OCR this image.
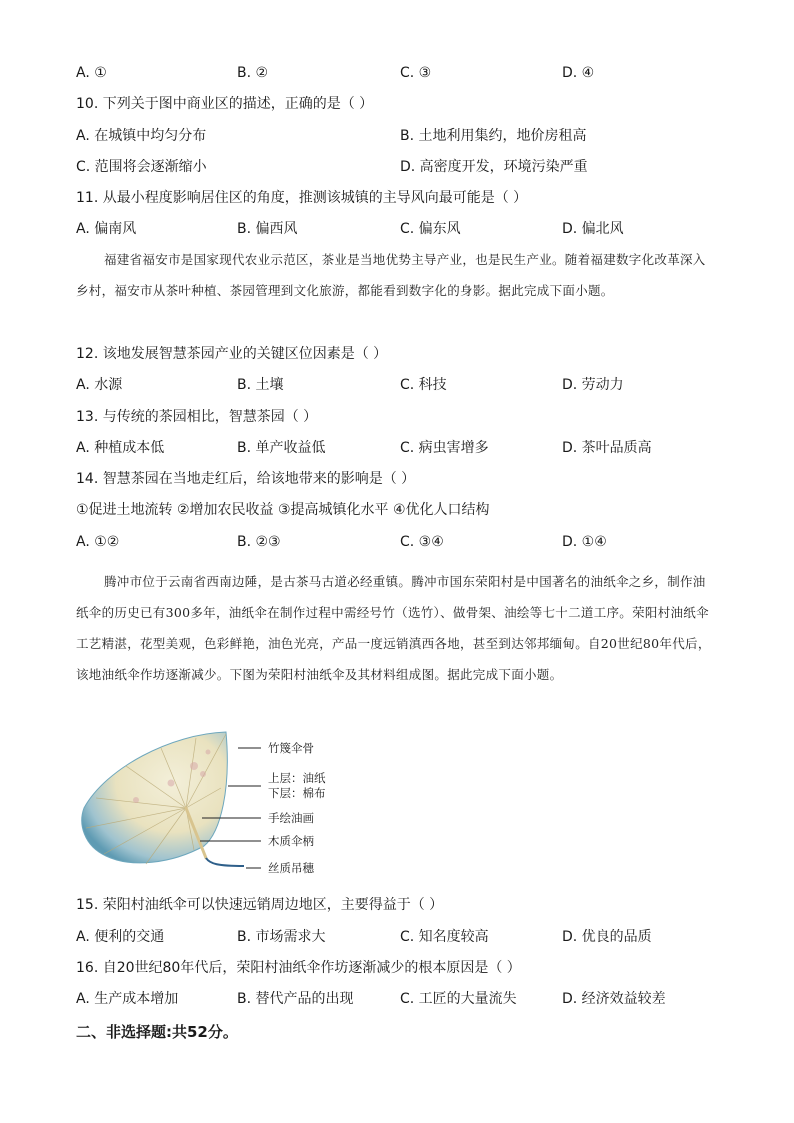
A. ①	B. ②	C. ③	D. ④
10. 下列关于图中商业区的描述，正确的是（ ）
A. 在城镇中均匀分布	B. 土地利用集约，地价房租高
C. 范围将会逐渐缩小	D. 高密度开发，环境污染严重
11. 从最小程度影响居住区的角度，推测该城镇的主导风向最可能是（ ）
A. 偏南风	B. 偏西风	C. 偏东风	D. 偏北风

福建省福安市是国家现代农业示范区，茶业是当地优势主导产业，也是民生产业。随着福建数字化改革深入乡村，福安市从茶叶种植、茶园管理到文化旅游，都能看到数字化的身影。据此完成下面小题。

12. 该地发展智慧茶园产业的关键区位因素是（ ）
A. 水源	B. 土壤	C. 科技	D. 劳动力
13. 与传统的茶园相比，智慧茶园（ ）
A. 种植成本低	B. 单产收益低	C. 病虫害增多	D. 茶叶品质高
14. 智慧茶园在当地走红后，给该地带来的影响是（ ）
①促进土地流转 ②增加农民收益 ③提高城镇化水平 ④优化人口结构
A. ①②	B. ②③	C. ③④	D. ①④

腾冲市位于云南省西南边陲，是古茶马古道必经重镇。腾冲市国东荣阳村是中国著名的油纸伞之乡，制作油纸伞的历史已有300多年，油纸伞在制作过程中需经号竹（选竹）、做骨架、油绘等七十二道工序。荣阳村油纸伞工艺精湛，花型美观，色彩鲜艳，油色光亮，产品一度远销滇西各地，甚至到达邻邦缅甸。自20世纪80年代后，该地油纸伞作坊逐渐减少。下图为荣阳村油纸伞及其材料组成图。据此完成下面小题。

竹篾伞骨
上层：油纸
下层：棉布
手绘油画
木质伞柄
丝质吊穗
15. 荣阳村油纸伞可以快速远销周边地区，主要得益于（ ）
A. 便利的交通	B. 市场需求大	C. 知名度较高	D. 优良的品质
16. 自20世纪80年代后，荣阳村油纸伞作坊逐渐减少的根本原因是（ ）
A. 生产成本增加	B. 替代产品的出现	C. 工匠的大量流失	D. 经济效益较差
二、非选择题:共52分。
